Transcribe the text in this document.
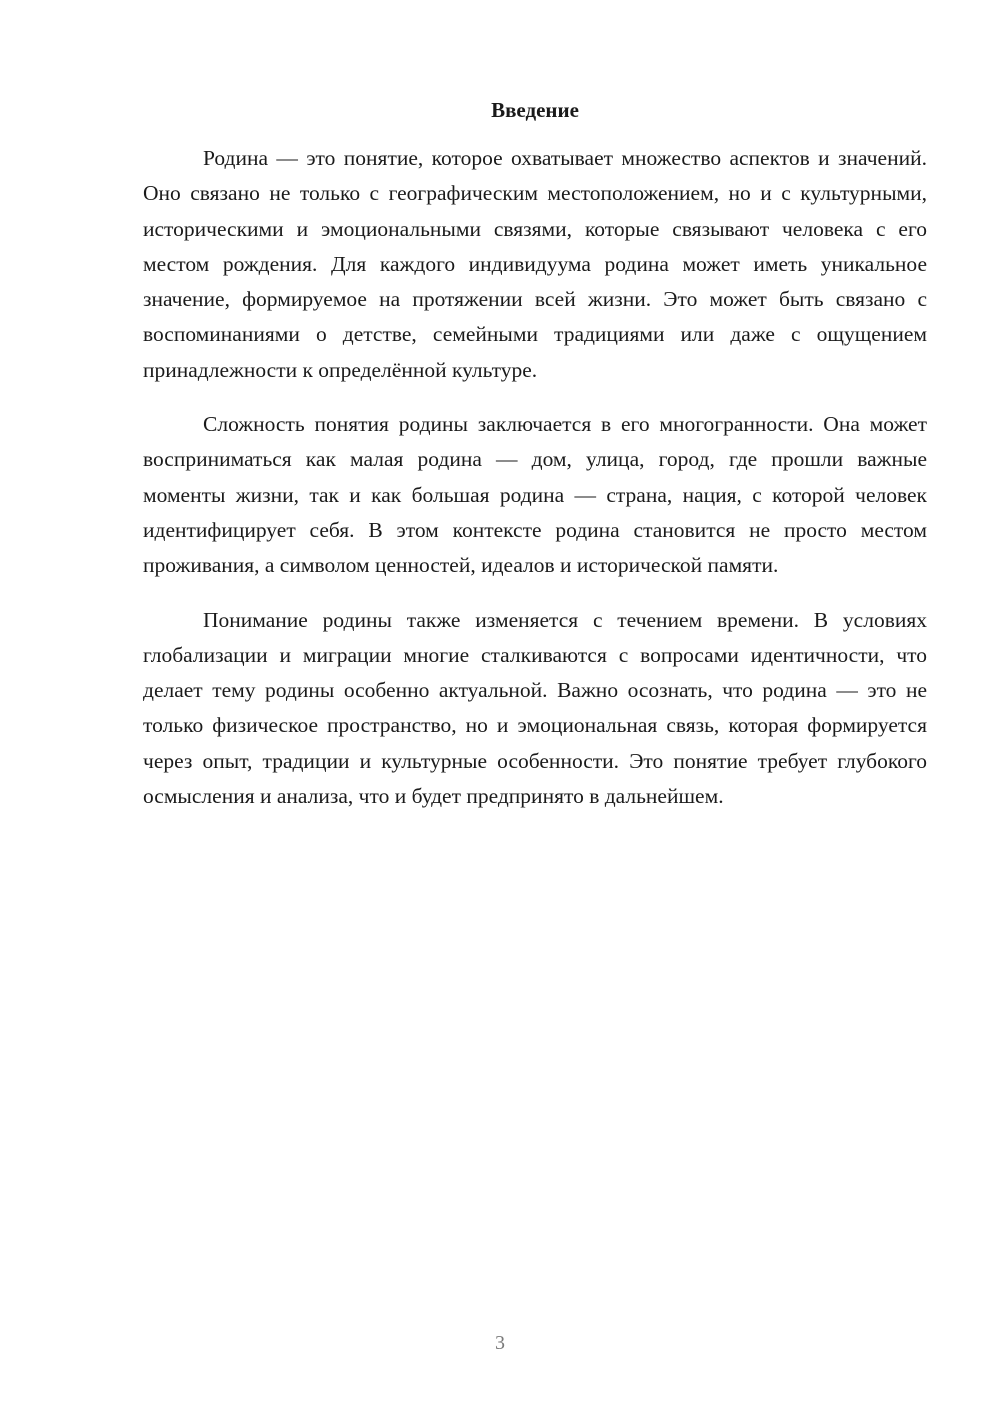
Введение

Родина — это понятие, которое охватывает множество аспектов и значений. Оно связано не только с географическим местоположением, но и с культурными, историческими и эмоциональными связями, которые связывают человека с его местом рождения. Для каждого индивидуума родина может иметь уникальное значение, формируемое на протяжении всей жизни. Это может быть связано с воспоминаниями о детстве, семейными традициями или даже с ощущением принадлежности к определённой культуре.

Сложность понятия родины заключается в его многогранности. Она может восприниматься как малая родина — дом, улица, город, где прошли важные моменты жизни, так и как большая родина — страна, нация, с которой человек идентифицирует себя. В этом контексте родина становится не просто местом проживания, а символом ценностей, идеалов и исторической памяти.

Понимание родины также изменяется с течением времени. В условиях глобализации и миграции многие сталкиваются с вопросами идентичности, что делает тему родины особенно актуальной. Важно осознать, что родина — это не только физическое пространство, но и эмоциональная связь, которая формируется через опыт, традиции и культурные особенности. Это понятие требует глубокого осмысления и анализа, что и будет предпринято в дальнейшем.

3
